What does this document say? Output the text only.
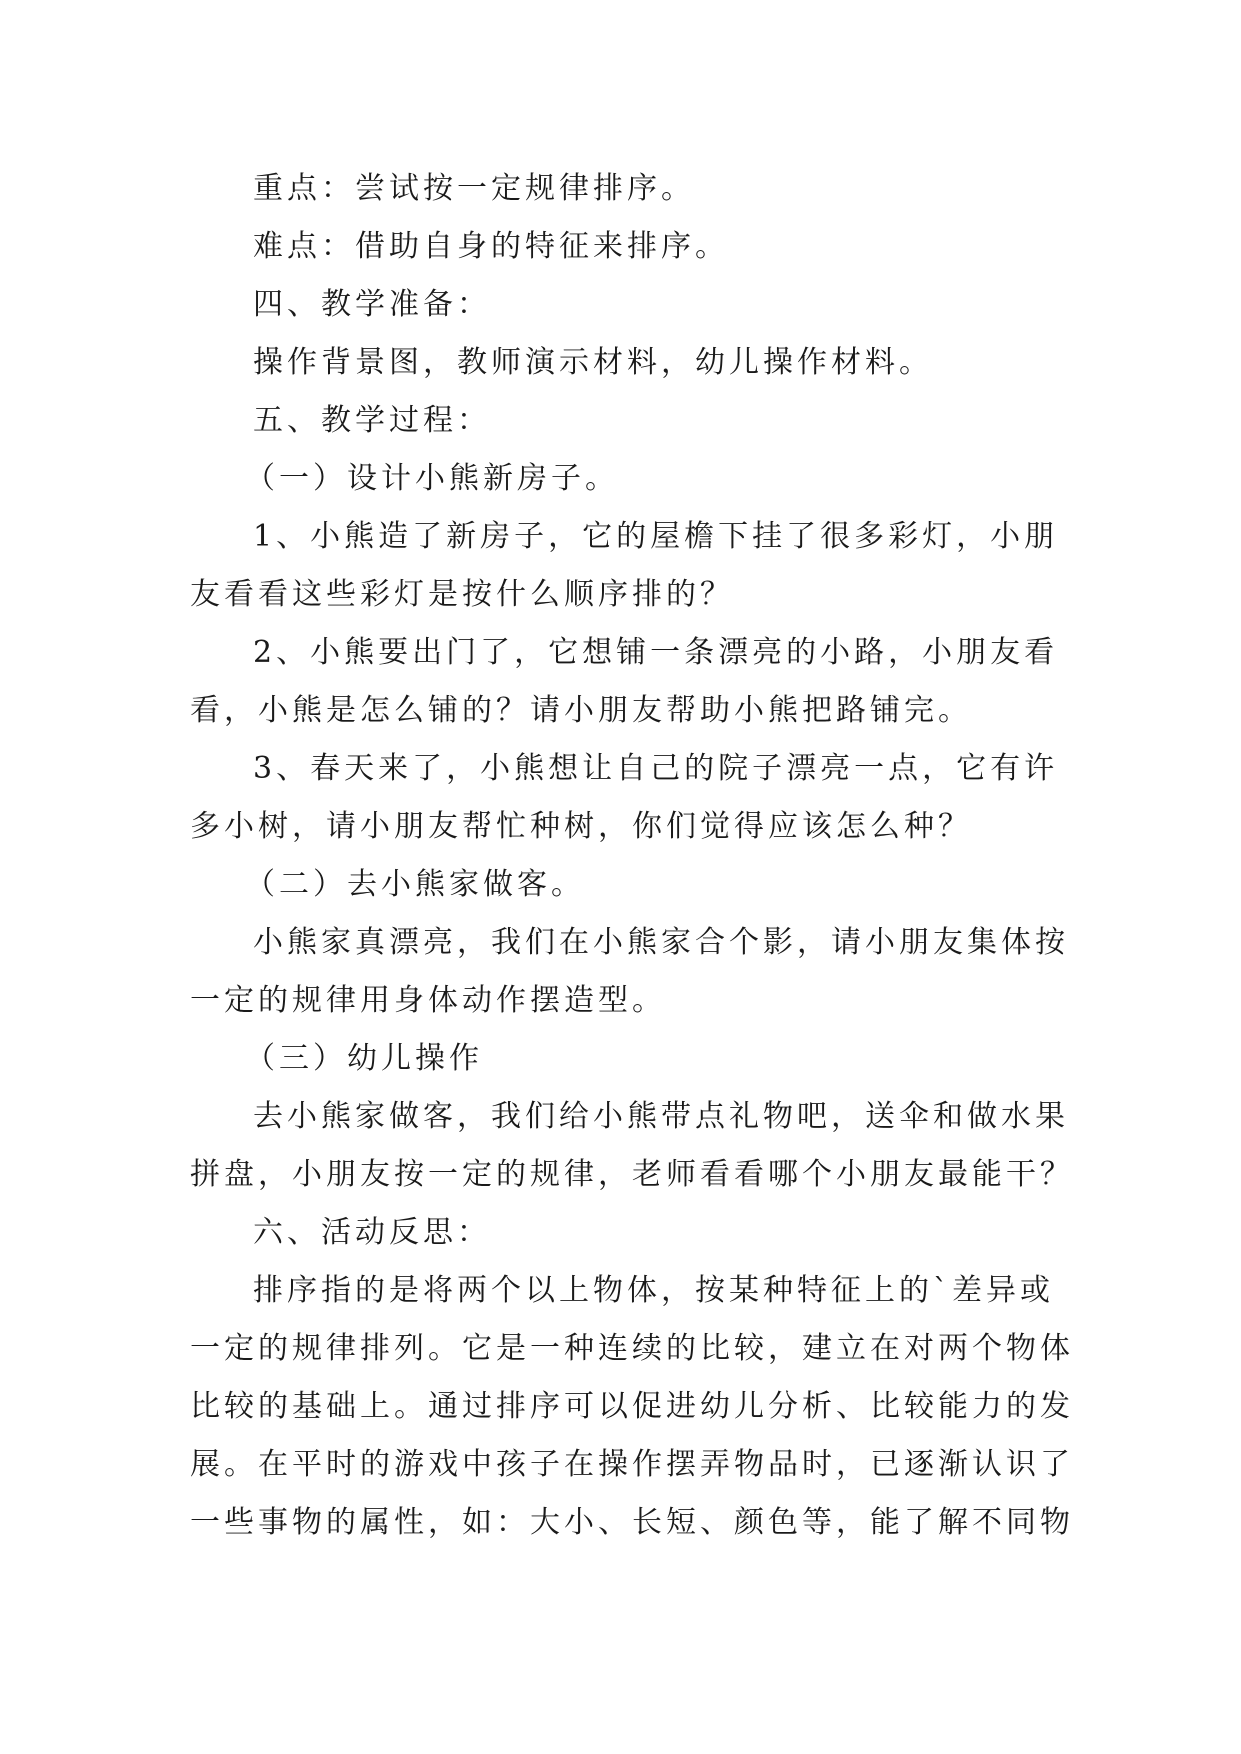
重点：尝试按一定规律排序。
难点：借助自身的特征来排序。
四、教学准备：
操作背景图，教师演示材料，幼儿操作材料。
五、教学过程：
（一）设计小熊新房子。
1、小熊造了新房子，它的屋檐下挂了很多彩灯，小朋
友看看这些彩灯是按什么顺序排的？
2、小熊要出门了，它想铺一条漂亮的小路，小朋友看
看，小熊是怎么铺的？请小朋友帮助小熊把路铺完。
3、春天来了，小熊想让自己的院子漂亮一点，它有许
多小树，请小朋友帮忙种树，你们觉得应该怎么种？
（二）去小熊家做客。
小熊家真漂亮，我们在小熊家合个影，请小朋友集体按
一定的规律用身体动作摆造型。
（三）幼儿操作
去小熊家做客，我们给小熊带点礼物吧，送伞和做水果
拼盘，小朋友按一定的规律，老师看看哪个小朋友最能干？
六、活动反思：
排序指的是将两个以上物体，按某种特征上的`差异或
一定的规律排列。它是一种连续的比较，建立在对两个物体
比较的基础上。通过排序可以促进幼儿分析、比较能力的发
展。在平时的游戏中孩子在操作摆弄物品时，已逐渐认识了
一些事物的属性，如：大小、长短、颜色等，能了解不同物
